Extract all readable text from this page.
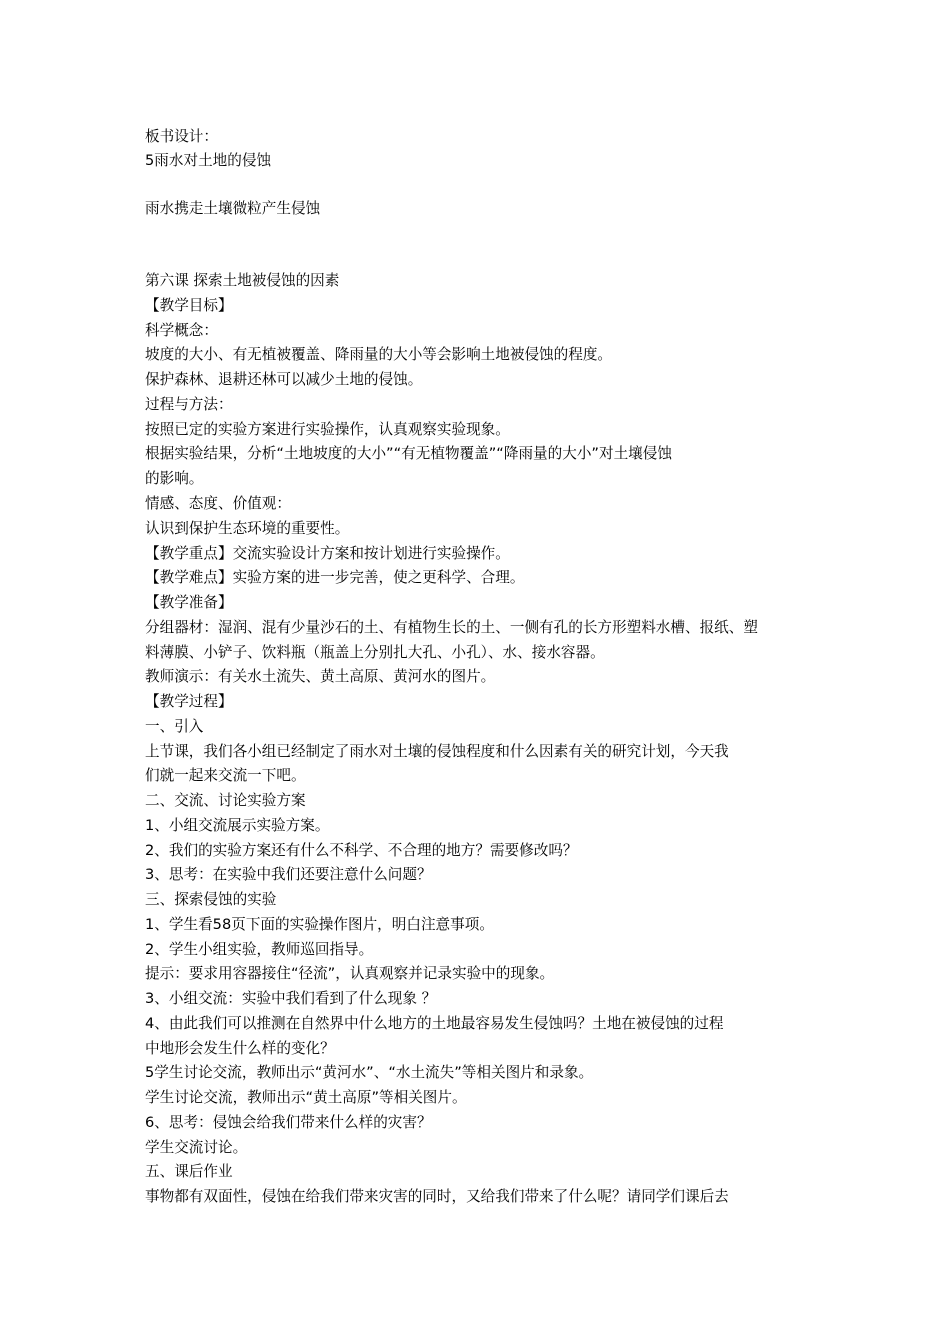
板书设计：
5雨水对土地的侵蚀
雨水携走土壤微粒产生侵蚀
第六课 探索土地被侵蚀的因素
【教学目标】
科学概念：
坡度的大小、有无植被覆盖、降雨量的大小等会影响土地被侵蚀的程度。
保护森林、退耕还林可以减少土地的侵蚀。
过程与方法：
按照已定的实验方案进行实验操作，认真观察实验现象。
根据实验结果，分析“土地坡度的大小”“有无植物覆盖”“降雨量的大小”对土壤侵蚀
的影响。
情感、态度、价值观：
认识到保护生态环境的重要性。
【教学重点】交流实验设计方案和按计划进行实验操作。
【教学难点】实验方案的进一步完善，使之更科学、合理。
【教学准备】
分组器材：湿润、混有少量沙石的土、有植物生长的土、一侧有孔的长方形塑料水槽、报纸、塑
料薄膜、小铲子、饮料瓶（瓶盖上分别扎大孔、小孔）、水、接水容器。
教师演示：有关水土流失、黄土高原、黄河水的图片。
【教学过程】
一、引入
上节课，我们各小组已经制定了雨水对土壤的侵蚀程度和什么因素有关的研究计划，今天我
们就一起来交流一下吧。
二、交流、讨论实验方案
1、小组交流展示实验方案。
2、我们的实验方案还有什么不科学、不合理的地方？需要修改吗？
3、思考：在实验中我们还要注意什么问题？
三、探索侵蚀的实验
1、学生看58页下面的实验操作图片，明白注意事项。
2、学生小组实验，教师巡回指导。
提示：要求用容器接住“径流”，认真观察并记录实验中的现象。
3、小组交流：实验中我们看到了什么现象 ？
4、由此我们可以推测在自然界中什么地方的土地最容易发生侵蚀吗？土地在被侵蚀的过程
中地形会发生什么样的变化？
5学生讨论交流，教师出示“黄河水”、“水土流失”等相关图片和录象。
学生讨论交流，教师出示“黄土高原”等相关图片。
6、思考：侵蚀会给我们带来什么样的灾害？
学生交流讨论。
五、课后作业
事物都有双面性，侵蚀在给我们带来灾害的同时，又给我们带来了什么呢？请同学们课后去
